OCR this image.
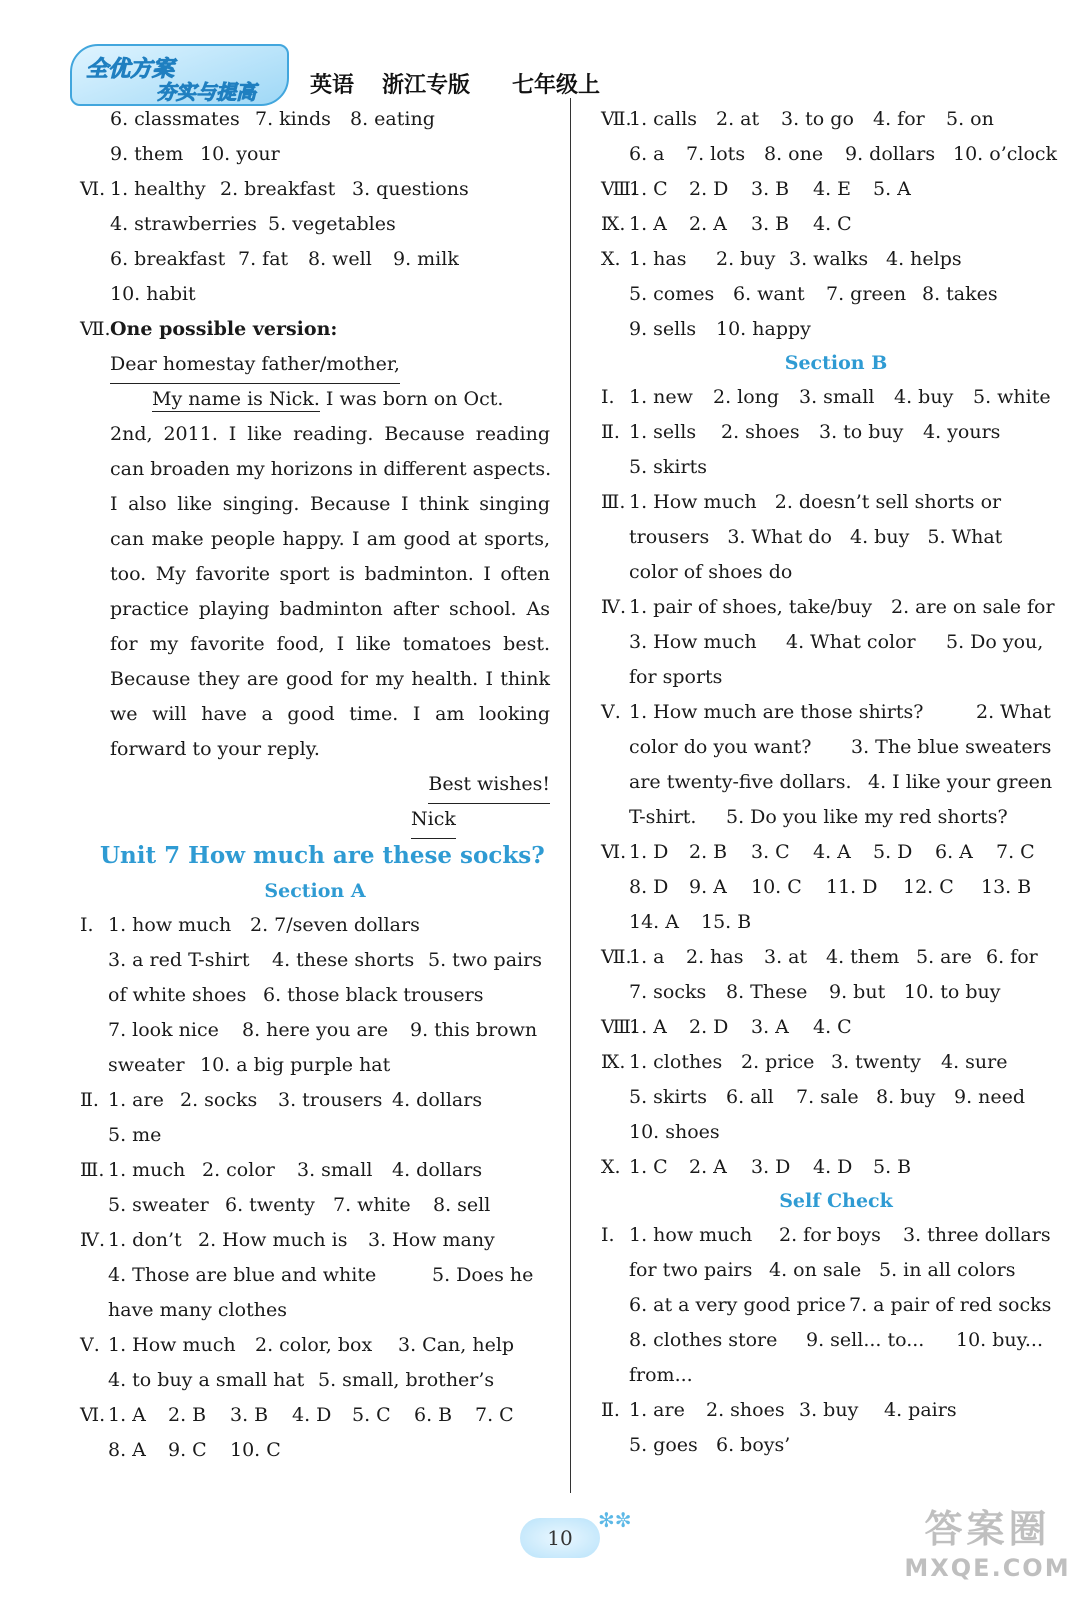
全优方案
夯实与提高 英语 浙江专版 七年级上
6. classmates 7. kinds 8. eating
9. them 10. your
Ⅵ. 1. healthy 2. breakfast 3. questions
4. strawberries 5. vegetables
6. breakfast 7. fat 8. well 9. milk
10. habit
Ⅶ. One possible version:
Dear homestay father/mother,
My name is Nick. I was born on Oct.
2nd, 2011. I like reading. Because reading
can broaden my horizons in different aspects.
I also like singing. Because I think singing
can make people happy. I am good at sports,
too. My favorite sport is badminton. I often
practice playing badminton after school. As
for my favorite food, I like tomatoes best.
Because they are good for my health. I think
we will have a good time. I am looking
forward to your reply.
Best wishes!
Nick
Unit 7 How much are these socks?
Section A
Ⅰ. 1. how much 2. 7/seven dollars
3. a red T-shirt 4. these shorts 5. two pairs
of white shoes 6. those black trousers
7. look nice 8. here you are 9. this brown
sweater 10. a big purple hat
Ⅱ. 1. are 2. socks 3. trousers 4. dollars
5. me
Ⅲ. 1. much 2. color 3. small 4. dollars
5. sweater 6. twenty 7. white 8. sell
Ⅳ. 1. don’t 2. How much is 3. How many
4. Those are blue and white	5. Does he
have many clothes
Ⅴ. 1. How much 2. color, box 3. Can, help
4. to buy a small hat 5. small, brother’s
Ⅵ. 1. A 2. B 3. B 4. D 5. C 6. B 7. C
8. A 9. C 10. C
Ⅶ.
1. calls 2. at 3. to go 4. for 5. on
6. a 7. lots 8. one 9. dollars 10. o’clock
Ⅷ.
1. C 2. D 3. B 4. E 5. A
Ⅸ. 1. A 2. A 3. B 4. C
Ⅹ. 1. has 2. buy 3. walks 4. helps
5. comes 6. want 7. green 8. takes
9. sells 10. happy
Section B
Ⅰ. 1. new 2. long 3. small 4. buy 5. white
Ⅱ. 1. sells 2. shoes 3. to buy 4. yours
5. skirts
Ⅲ. 1. How much   2. doesn’t sell shorts or
trousers   3. What do   4. buy   5. What
color of shoes do
Ⅳ. 1. pair of shoes, take/buy 2. are on sale for
3. How much 4. What color 5. Do you,
for sports
Ⅴ. 1. How much are those shirts?	2. What
color do you want? 3. The blue sweaters
are twenty-five dollars. 4. I like your green
T-shirt. 5. Do you like my red shorts?
Ⅵ. 1. D 2. B 3. C 4. A 5. D 6. A 7. C
8. D 9. A 10. C 11. D 12. C 13. B
14. A 15. B
Ⅶ.
1. a 2. has 3. at 4. them 5. are 6. for
7. socks 8. These 9. but 10. to buy
Ⅷ.
1. A 2. D 3. A 4. C
Ⅸ. 1. clothes 2. price 3. twenty 4. sure
5. skirts 6. all 7. sale 8. buy 9. need
10. shoes
Ⅹ. 1. C 2. A 3. D 4. D 5. B
Self Check
Ⅰ. 1. how much 2. for boys 3. three dollars
for two pairs 4. on sale 5. in all colors
6. at a very good price 7. a pair of red socks
8. clothes store 9. sell... to... 10. buy...
from...
Ⅱ. 1. are 2. shoes 3. buy 4. pairs
5. goes 6. boys’
10
✻✼	答案圈
MXQE.COM
